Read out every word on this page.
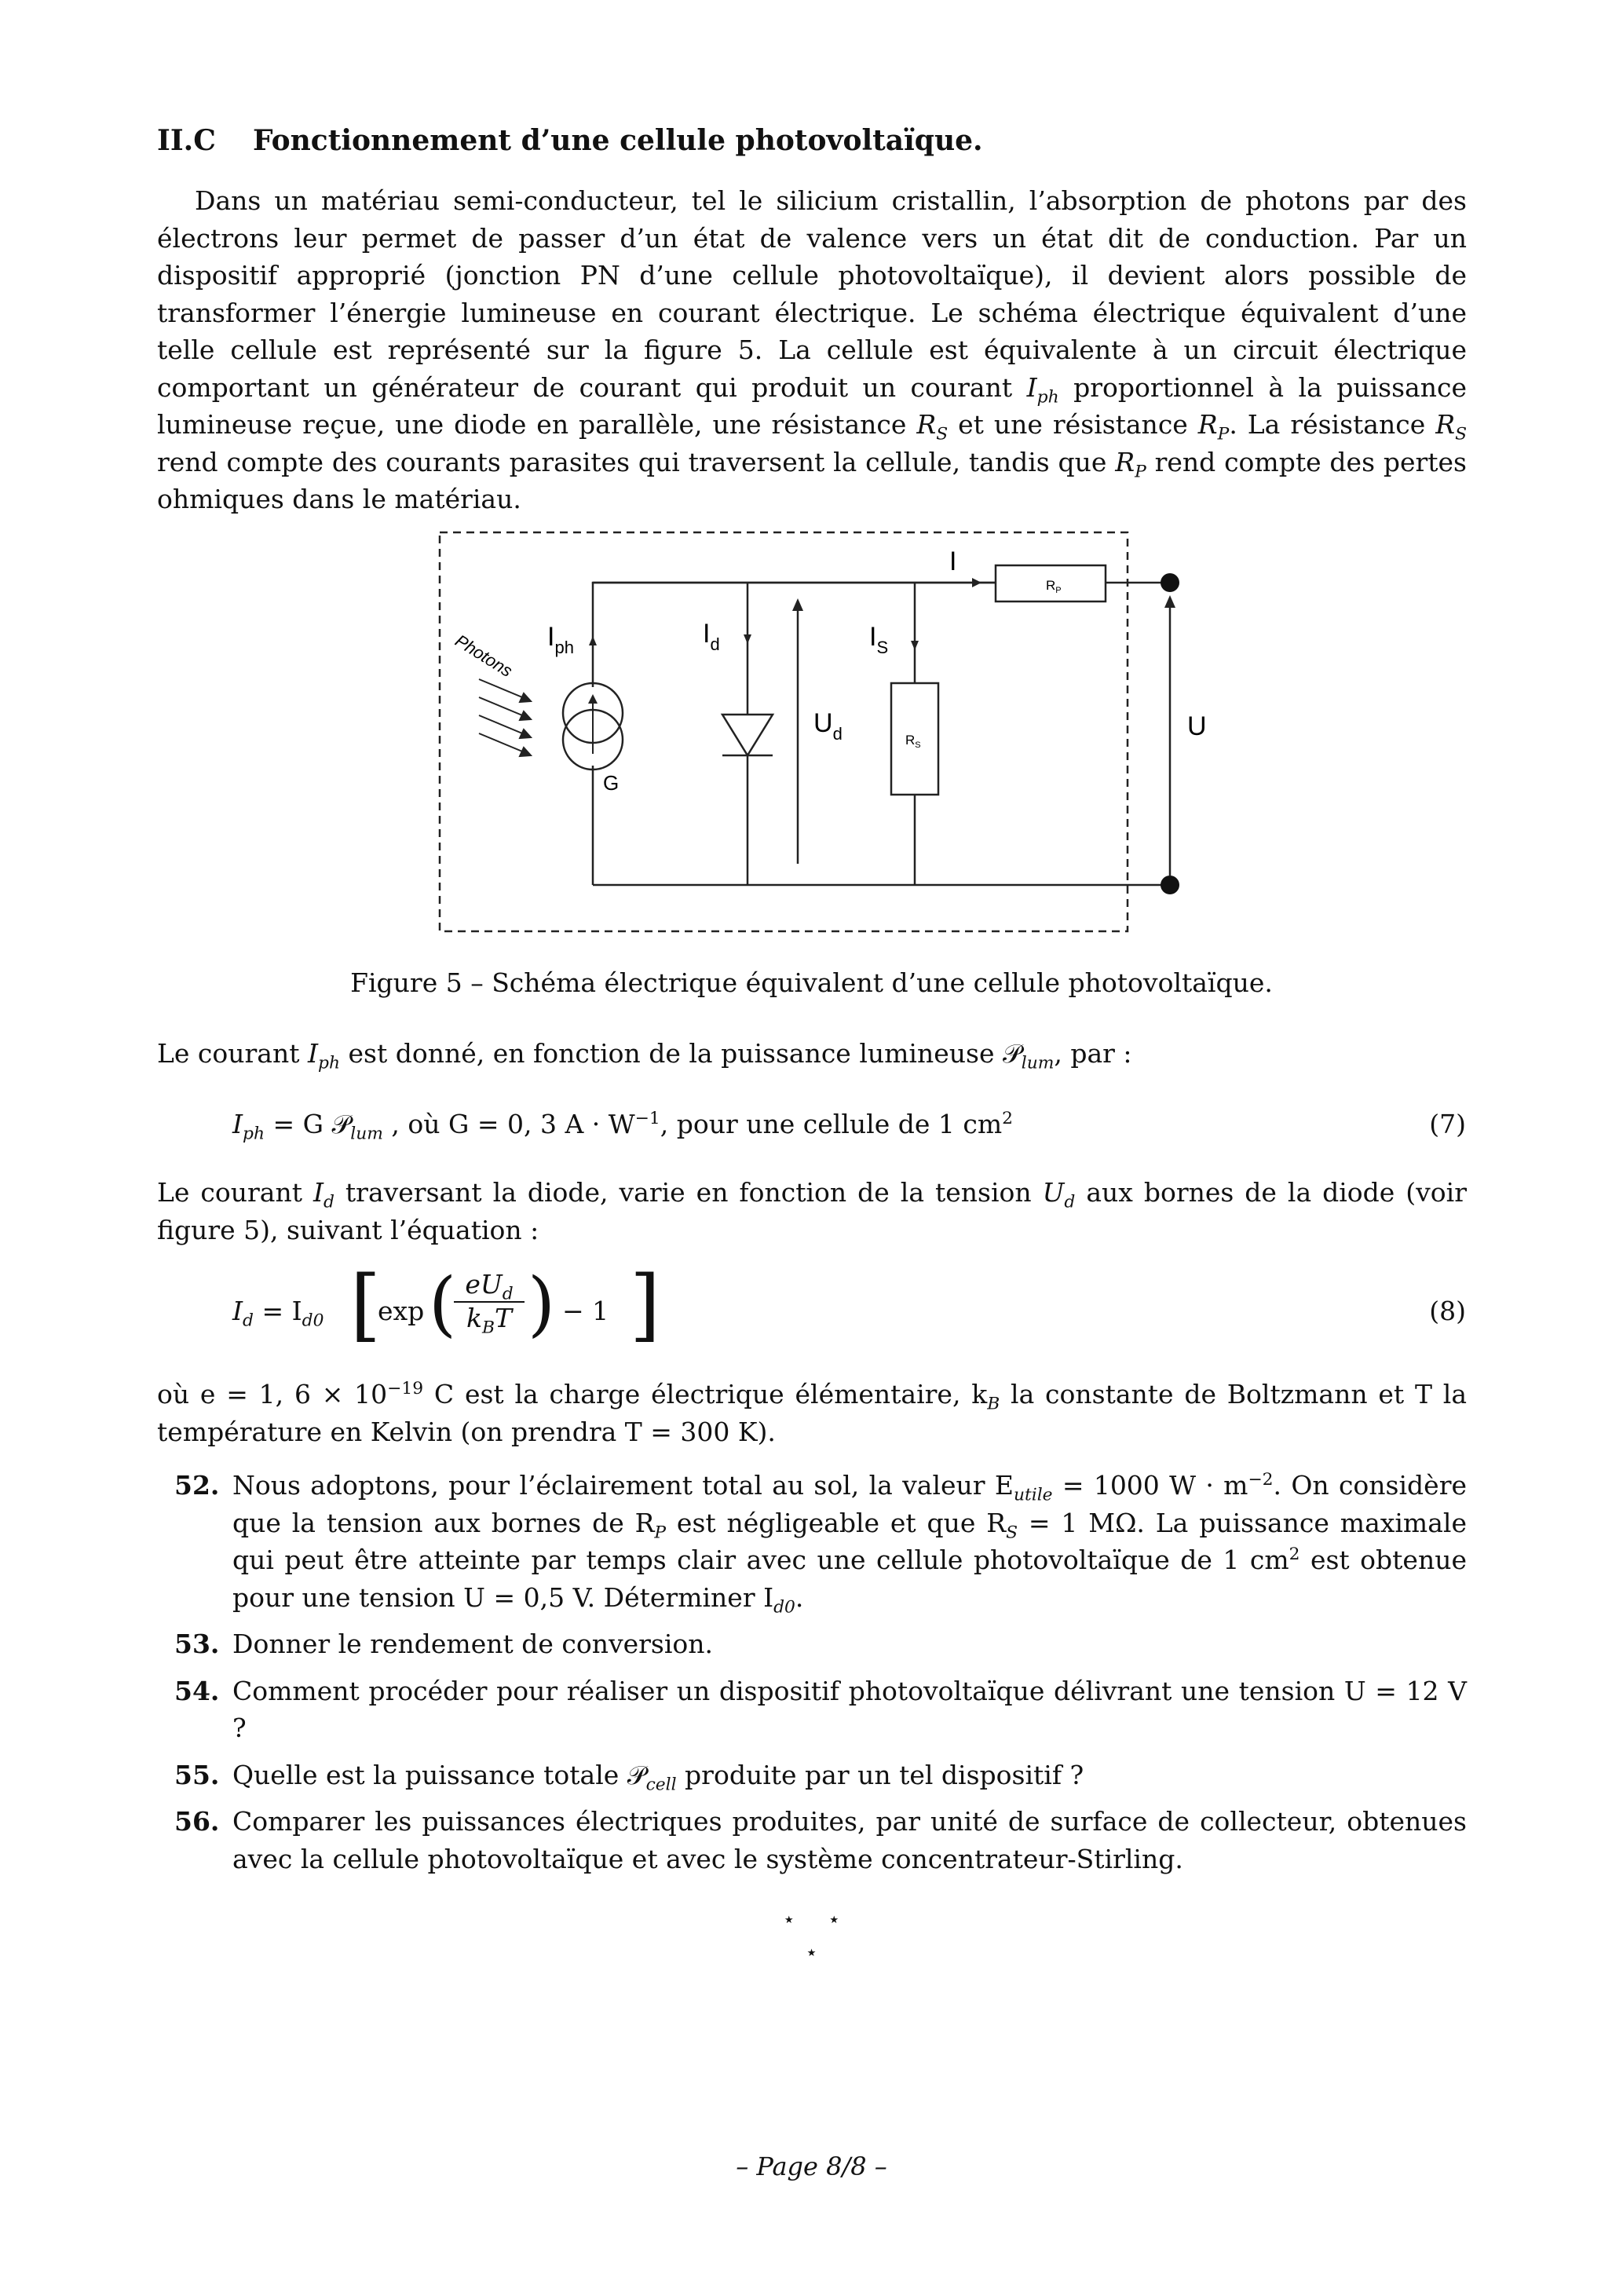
II.C Fonctionnement d’une cellule photovoltaïque.
Dans un matériau semi-conducteur, tel le silicium cristallin, l’absorption de photons par des électrons leur permet de passer d’un état de valence vers un état dit de conduction. Par un dispositif approprié (jonction PN d’une cellule photovoltaïque), il devient alors possible de transformer l’énergie lumineuse en courant électrique. Le schéma électrique équivalent d’une telle cellule est représenté sur la figure 5. La cellule est équivalente à un circuit électrique comportant un générateur de courant qui produit un courant $I_{ph}$ proportionnel à la puissance lumineuse reçue, une diode en parallèle, une résistance $R_S$ et une résistance $R_P$. La résistance $R_S$ rend compte des courants parasites qui traversent la cellule, tandis que $R_P$ rend compte des pertes ohmiques dans le matériau.
I
$R_P$
G
$I_{ph}$
Photons	$I_d$
$U_d$	$R_S$
$I_S$
U
Figure 5 – Schéma électrique équivalent d’une cellule photovoltaïque.
Le courant $I_{ph}$ est donné, en fonction de la puissance lumineuse 𝒫$_{lum}$, par :
$I_{ph} = G$ 𝒫$_{lum}$ , où G = 0, 3 $A \cdot W^{-1}$, pour une cellule de 1 $cm^2$	(7)
Le courant $I_d$ traversant la diode, varie en fonction de la tension $U_d$ aux bornes de la diode (voir figure 5), suivant l’équation :
$I_d = I_{d0}$ [
exp ( $eU_d$
$k_BT$ ) − 1 ]	(8)
où e = 1, $6 \times 10^{-19}$ C est la charge électrique élémentaire, $k_B$ la constante de Boltzmann et T la température en Kelvin (on prendra T = 300 K).
52. Nous adoptons, pour l’éclairement total au sol, la valeur $E_{utile} = 1000$ $W \cdot m^{-2}$. On considère que la tension aux bornes de $R_P$ est négligeable et que $R_S = 1$ MΩ. La puissance maximale qui peut être atteinte par temps clair avec une cellule photovoltaïque de 1 $cm^2$ est obtenue pour une tension U = 0,5 V. Déterminer $I_{d0}$.
53. Donner le rendement de conversion.
54. Comment procéder pour réaliser un dispositif photovoltaïque délivrant une tension U = 12 V ?
55. Quelle est la puissance totale 𝒫$_{cell}$ produite par un tel dispositif ?
56. Comparer les puissances électriques produites, par unité de surface de collecteur, obtenues avec la cellule photovoltaïque et avec le système concentrateur-Stirling.
⋆     ⋆
⋆
– Page 8/8 –
